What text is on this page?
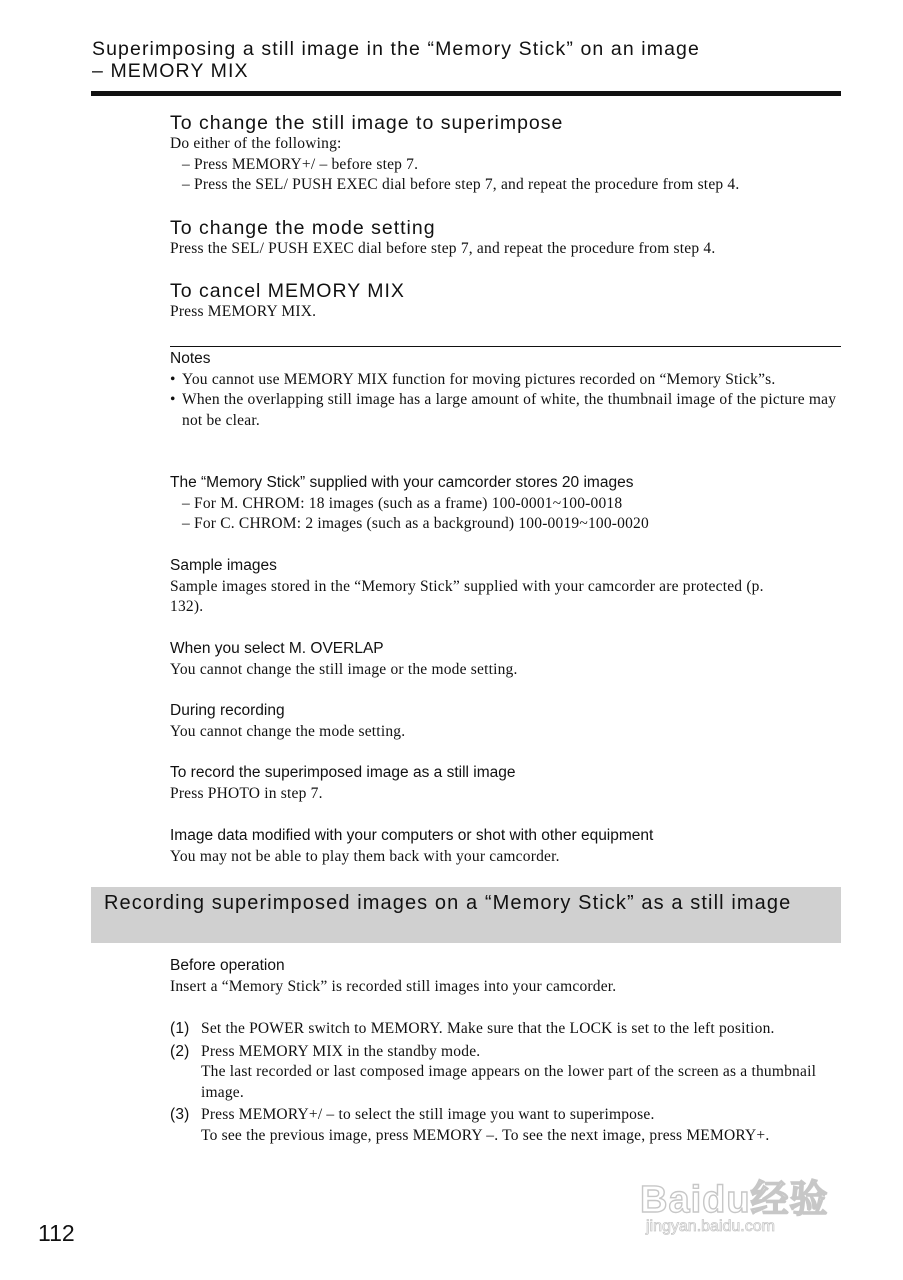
Superimposing a still image in the “Memory Stick” on an image
– MEMORY MIX
To change the still image to superimpose
Do either of the following:
– Press MEMORY+/ – before step 7.
– Press the SEL/ PUSH EXEC dial before step 7, and repeat the procedure from step 4.
To change the mode setting
Press the SEL/ PUSH EXEC dial before step 7, and repeat the procedure from step 4.
To cancel MEMORY MIX
Press MEMORY MIX.
Notes
• You cannot use MEMORY MIX function for moving pictures recorded on “Memory Stick”s.
• When the overlapping still image has a large amount of white, the thumbnail image of the picture may not be clear.
The “Memory Stick” supplied with your camcorder stores 20 images
– For M. CHROM: 18 images (such as a frame) 100-0001~100-0018
– For C. CHROM: 2 images (such as a background) 100-0019~100-0020
Sample images
Sample images stored in the “Memory Stick” supplied with your camcorder are protected (p. 132).
When you select M. OVERLAP
You cannot change the still image or the mode setting.
During recording
You cannot change the mode setting.
To record the superimposed image as a still image
Press PHOTO in step 7.
Image data modified with your computers or shot with other equipment
You may not be able to play them back with your camcorder.
Recording superimposed images on a “Memory Stick” as a still image
Before operation
Insert a “Memory Stick” is recorded still images into your camcorder.
(1) Set the POWER switch to MEMORY. Make sure that the LOCK is set to the left position.
(2) Press MEMORY MIX in the standby mode.
The last recorded or last composed image appears on the lower part of the screen as a thumbnail image.
(3) Press MEMORY+/ – to select the still image you want to superimpose.
To see the previous image, press MEMORY –. To see the next image, press MEMORY+.
112
Baidu经验
jingyan.baidu.com
